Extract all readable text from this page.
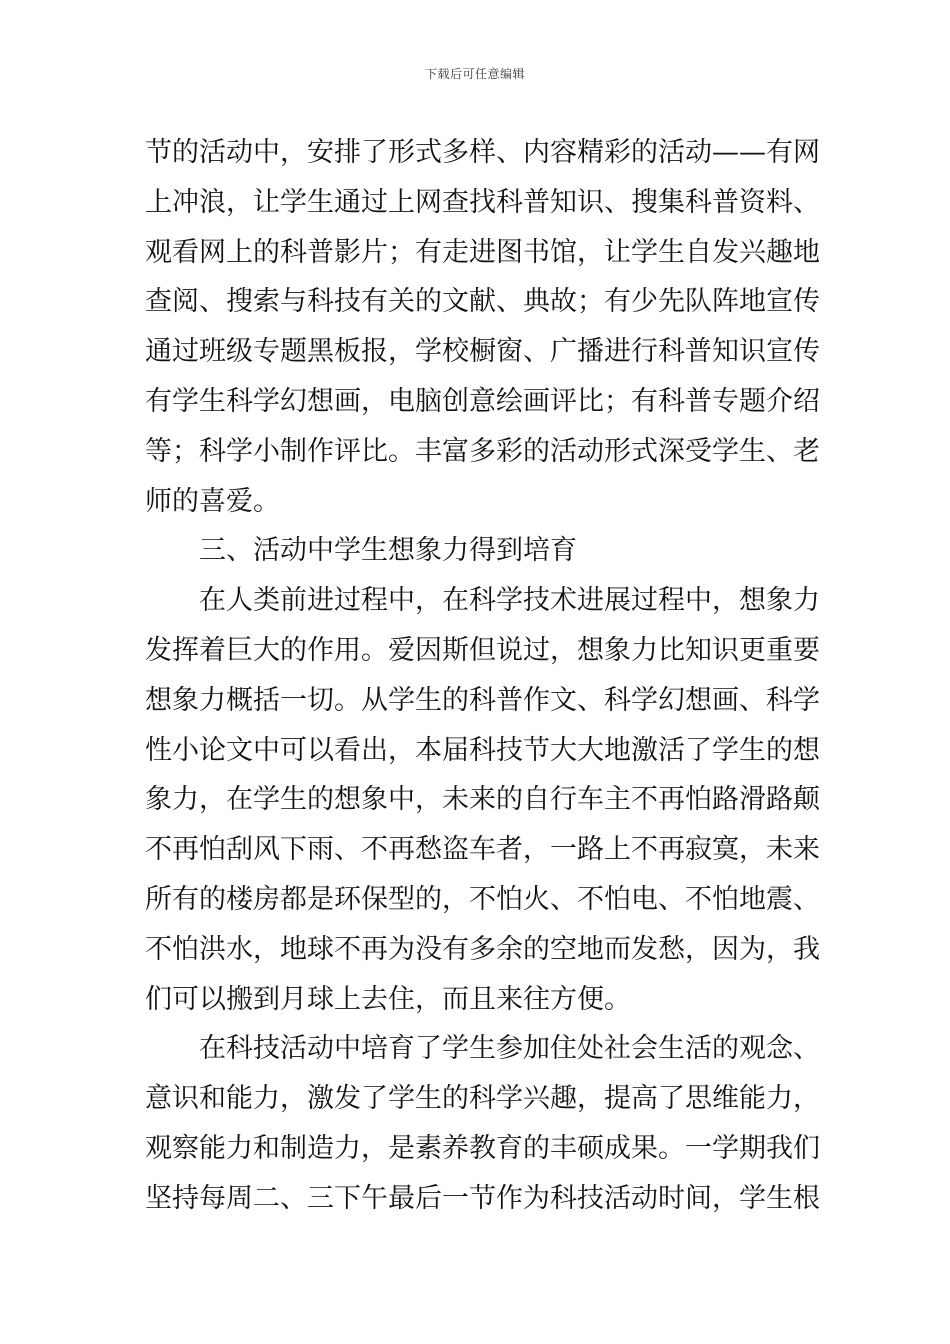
下载后可任意编辑
节的活动中，安排了形式多样、内容精彩的活动——有网
上冲浪，让学生通过上网查找科普知识、搜集科普资料、
观看网上的科普影片；有走进图书馆，让学生自发兴趣地
查阅、搜索与科技有关的文献、典故；有少先队阵地宣传
通过班级专题黑板报，学校橱窗、广播进行科普知识宣传
有学生科学幻想画，电脑创意绘画评比；有科普专题介绍
等；科学小制作评比。丰富多彩的活动形式深受学生、老
师的喜爱。
三、活动中学生想象力得到培育
在人类前进过程中，在科学技术进展过程中，想象力
发挥着巨大的作用。爱因斯但说过，想象力比知识更重要
想象力概括一切。从学生的科普作文、科学幻想画、科学
性小论文中可以看出，本届科技节大大地激活了学生的想
象力，在学生的想象中，未来的自行车主不再怕路滑路颠
不再怕刮风下雨、不再愁盗车者，一路上不再寂寞，未来
所有的楼房都是环保型的，不怕火、不怕电、不怕地震、
不怕洪水，地球不再为没有多余的空地而发愁，因为，我
们可以搬到月球上去住，而且来往方便。
在科技活动中培育了学生参加住处社会生活的观念、
意识和能力，激发了学生的科学兴趣，提高了思维能力，
观察能力和制造力，是素养教育的丰硕成果。一学期我们
坚持每周二、三下午最后一节作为科技活动时间，学生根
